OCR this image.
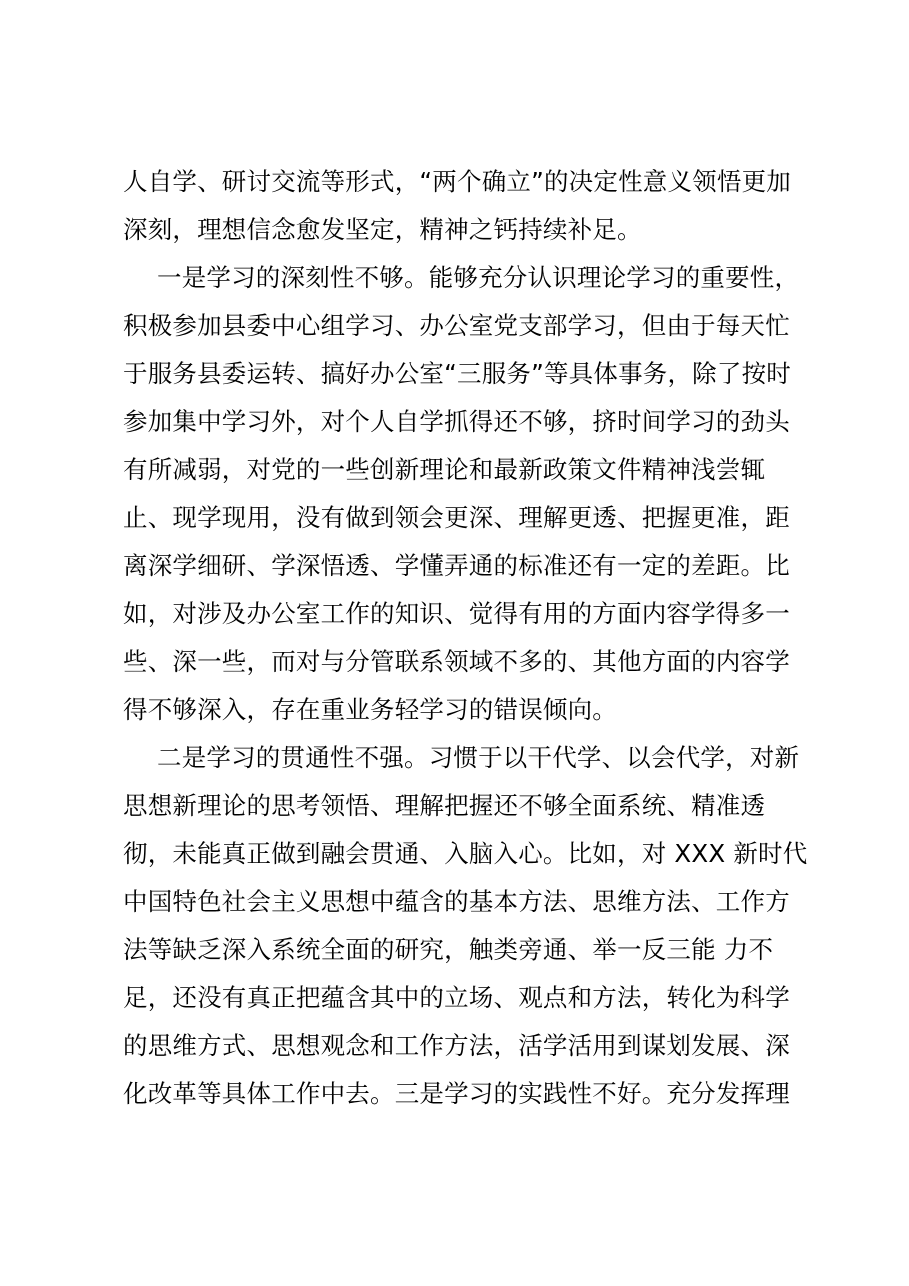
人自学、研讨交流等形式，“两个确立”的决定性意义领悟更加
深刻，理想信念愈发坚定，精神之钙持续补足。
一是学习的深刻性不够。能够充分认识理论学习的重要性，
积极参加县委中心组学习、办公室党支部学习，但由于每天忙
于服务县委运转、搞好办公室“三服务”等具体事务，除了按时
参加集中学习外，对个人自学抓得还不够，挤时间学习的劲头
有所减弱，对党的一些创新理论和最新政策文件精神浅尝辄
止、现学现用，没有做到领会更深、理解更透、把握更准，距
离深学细研、学深悟透、学懂弄通的标准还有一定的差距。比
如，对涉及办公室工作的知识、觉得有用的方面内容学得多一
些、深一些，而对与分管联系领域不多的、其他方面的内容学
得不够深入，存在重业务轻学习的错误倾向。
二是学习的贯通性不强。习惯于以干代学、以会代学，对新
思想新理论的思考领悟、理解把握还不够全面系统、精准透
彻，未能真正做到融会贯通、入脑入心。比如，对 XXX 新时代
中国特色社会主义思想中蕴含的基本方法、思维方法、工作方
法等缺乏深入系统全面的研究，触类旁通、举一反三能 力不
足，还没有真正把蕴含其中的立场、观点和方法，转化为科学
的思维方式、思想观念和工作方法，活学活用到谋划发展、深
化改革等具体工作中去。三是学习的实践性不好。充分发挥理
